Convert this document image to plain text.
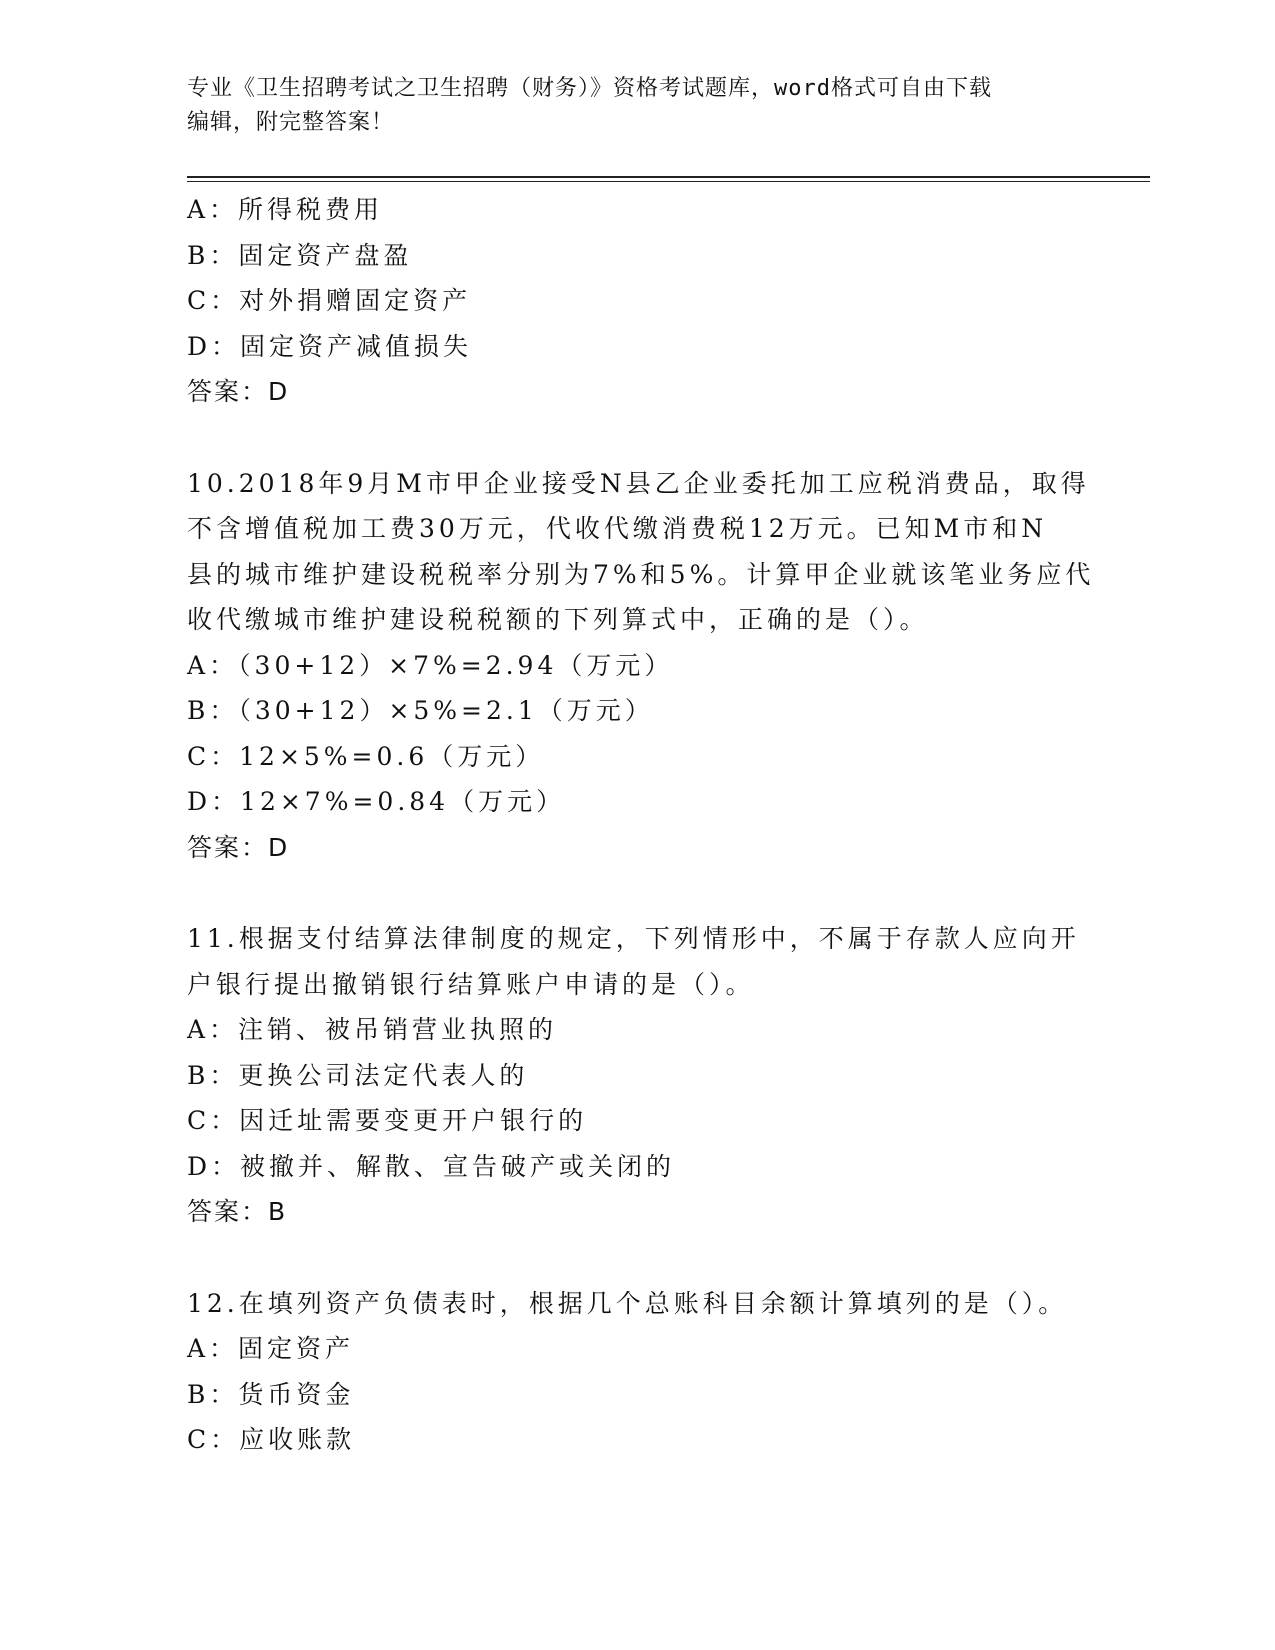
专业《卫生招聘考试之卫生招聘（财务）》资格考试题库，word格式可自由下载
编辑，附完整答案！
A：所得税费用
B：固定资产盘盈
C：对外捐赠固定资产
D：固定资产减值损失
答案：D
10.2018年9月M市甲企业接受N县乙企业委托加工应税消费品，取得
不含增值税加工费30万元，代收代缴消费税12万元。已知M市和N
县的城市维护建设税税率分别为7%和5%。计算甲企业就该笔业务应代
收代缴城市维护建设税税额的下列算式中，正确的是（）。
A：（30+12）×7%=2.94（万元）
B：（30+12）×5%=2.1（万元）
C：12×5%=0.6（万元）
D：12×7%=0.84（万元）
答案：D
11.根据支付结算法律制度的规定，下列情形中，不属于存款人应向开
户银行提出撤销银行结算账户申请的是（）。
A：注销、被吊销营业执照的
B：更换公司法定代表人的
C：因迁址需要变更开户银行的
D：被撤并、解散、宣告破产或关闭的
答案：B
12.在填列资产负债表时，根据几个总账科目余额计算填列的是（）。
A：固定资产
B：货币资金
C：应收账款
